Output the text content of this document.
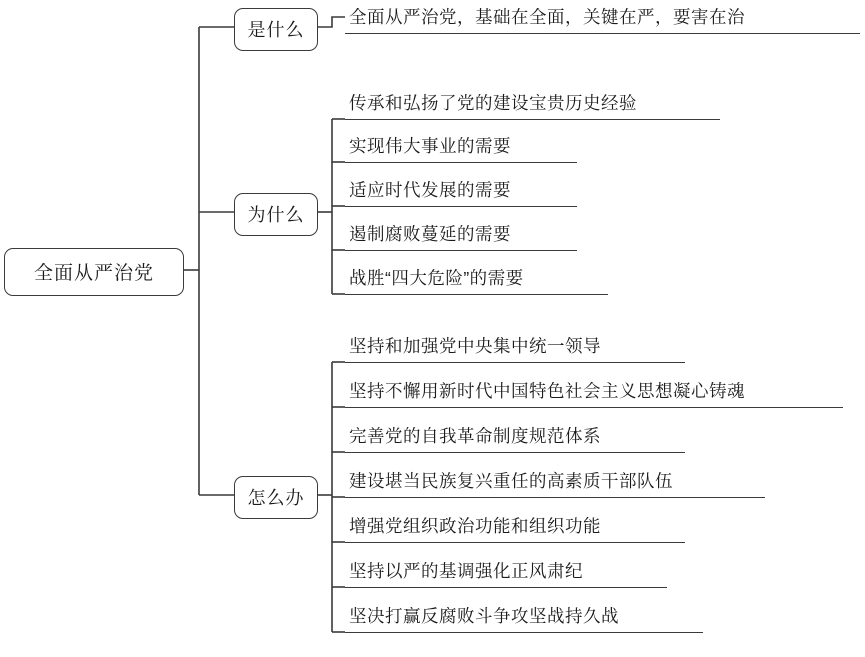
全面从严治党
是什么
全面从严治党，基础在全面，关键在严，要害在治
为什么
传承和弘扬了党的建设宝贵历史经验
实现伟大事业的需要
适应时代发展的需要
遏制腐败蔓延的需要
战胜“四大危险”的需要
怎么办
坚持和加强党中央集中统一领导
坚持不懈用新时代中国特色社会主义思想凝心铸魂
完善党的自我革命制度规范体系
建设堪当民族复兴重任的高素质干部队伍
增强党组织政治功能和组织功能
坚持以严的基调强化正风肃纪
坚决打赢反腐败斗争攻坚战持久战
